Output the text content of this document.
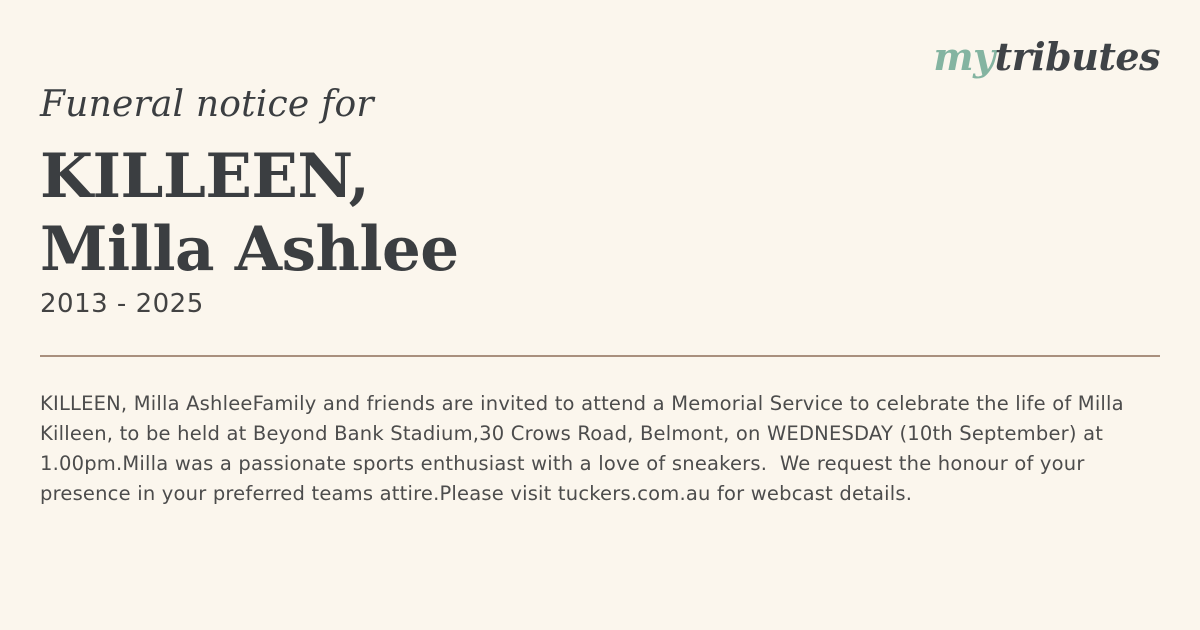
mytributes
Funeral notice for
KILLEEN,
Milla Ashlee
2013 - 2025

KILLEEN, Milla AshleeFamily and friends are invited to attend a Memorial Service to celebrate the life of Milla Killeen, to be held at Beyond Bank Stadium,30 Crows Road, Belmont, on WEDNESDAY (10th September) at 1.00pm.Milla was a passionate sports enthusiast with a love of sneakers.  We request the honour of your presence in your preferred teams attire.Please visit tuckers.com.au for webcast details.
